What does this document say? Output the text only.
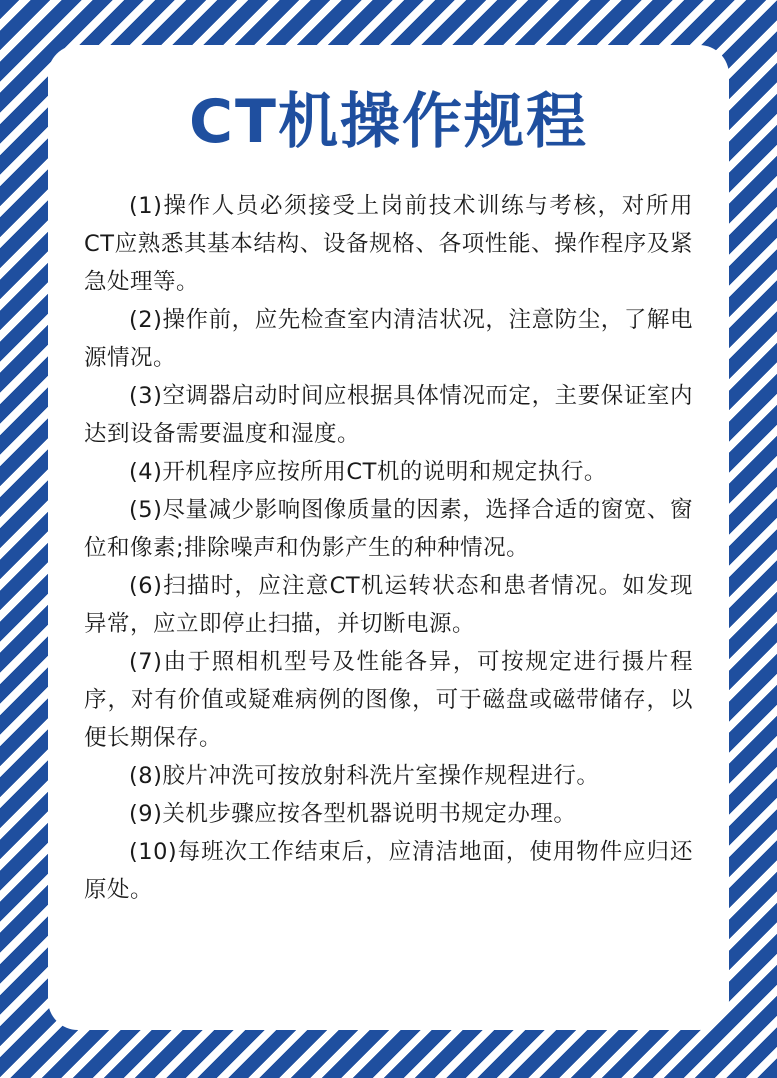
CT机操作规程

(1)操作人员必须接受上岗前技术训练与考核，对所用CT应熟悉其基本结构、设备规格、各项性能、操作程序及紧急处理等。

(2)操作前，应先检查室内清洁状况，注意防尘，了解电源情况。

(3)空调器启动时间应根据具体情况而定，主要保证室内达到设备需要温度和湿度。

(4)开机程序应按所用CT机的说明和规定执行。

(5)尽量减少影响图像质量的因素，选择合适的窗宽、窗位和像素;排除噪声和伪影产生的种种情况。

(6)扫描时，应注意CT机运转状态和患者情况。如发现异常，应立即停止扫描，并切断电源。

(7)由于照相机型号及性能各异，可按规定进行摄片程序，对有价值或疑难病例的图像，可于磁盘或磁带储存，以便长期保存。

(8)胶片冲洗可按放射科洗片室操作规程进行。

(9)关机步骤应按各型机器说明书规定办理。

(10)每班次工作结束后，应清洁地面，使用物件应归还原处。
